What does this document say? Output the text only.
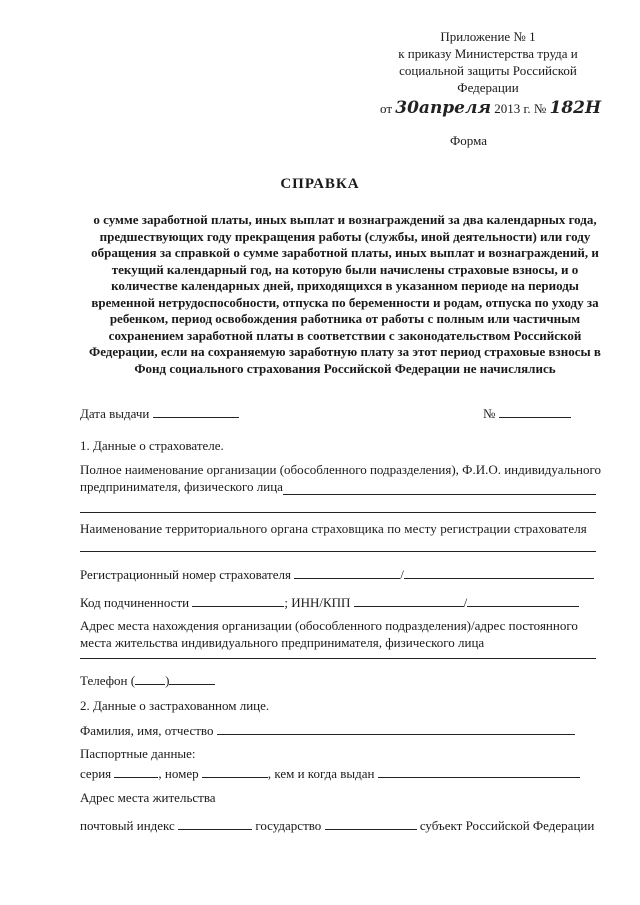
Приложение № 1
к приказу Министерства труда и
социальной защиты Российской
Федерации
от 30апреля 2013 г. № 182Н
Форма
СПРАВКА
о сумме заработной платы, иных выплат и вознаграждений за два календарных года, предшествующих году прекращения работы (службы, иной деятельности) или году обращения за справкой о сумме заработной платы, иных выплат и вознаграждений, и текущий календарный год, на которую были начислены страховые взносы, и о количестве календарных дней, приходящихся в указанном периоде на периоды временной нетрудоспособности, отпуска по беременности и родам, отпуска по уходу за ребенком, период освобождения работника от работы с полным или частичным сохранением заработной платы в соответствии с законодательством Российской Федерации, если на сохраняемую заработную плату за этот период страховые взносы в Фонд социального страхования Российской Федерации не начислялись
Дата выдачи	№
1. Данные о страхователе.
Полное наименование организации (обособленного подразделения), Ф.И.О. индивидуального
предпринимателя, физического лица
Наименование территориального органа страховщика по месту регистрации страхователя
Регистрационный номер страхователя	/
Код подчиненности	; ИНН/КПП	/
Адрес места нахождения организации (обособленного подразделения)/адрес постоянного
места жительства индивидуального предпринимателя, физического лица
Телефон ( )
2. Данные о застрахованном лице.
Фамилия, имя, отчество
Паспортные данные:
серия	, номер	, кем и когда выдан
Адрес места жительства
почтовый индекс	государство	субъект Российской Федерации
